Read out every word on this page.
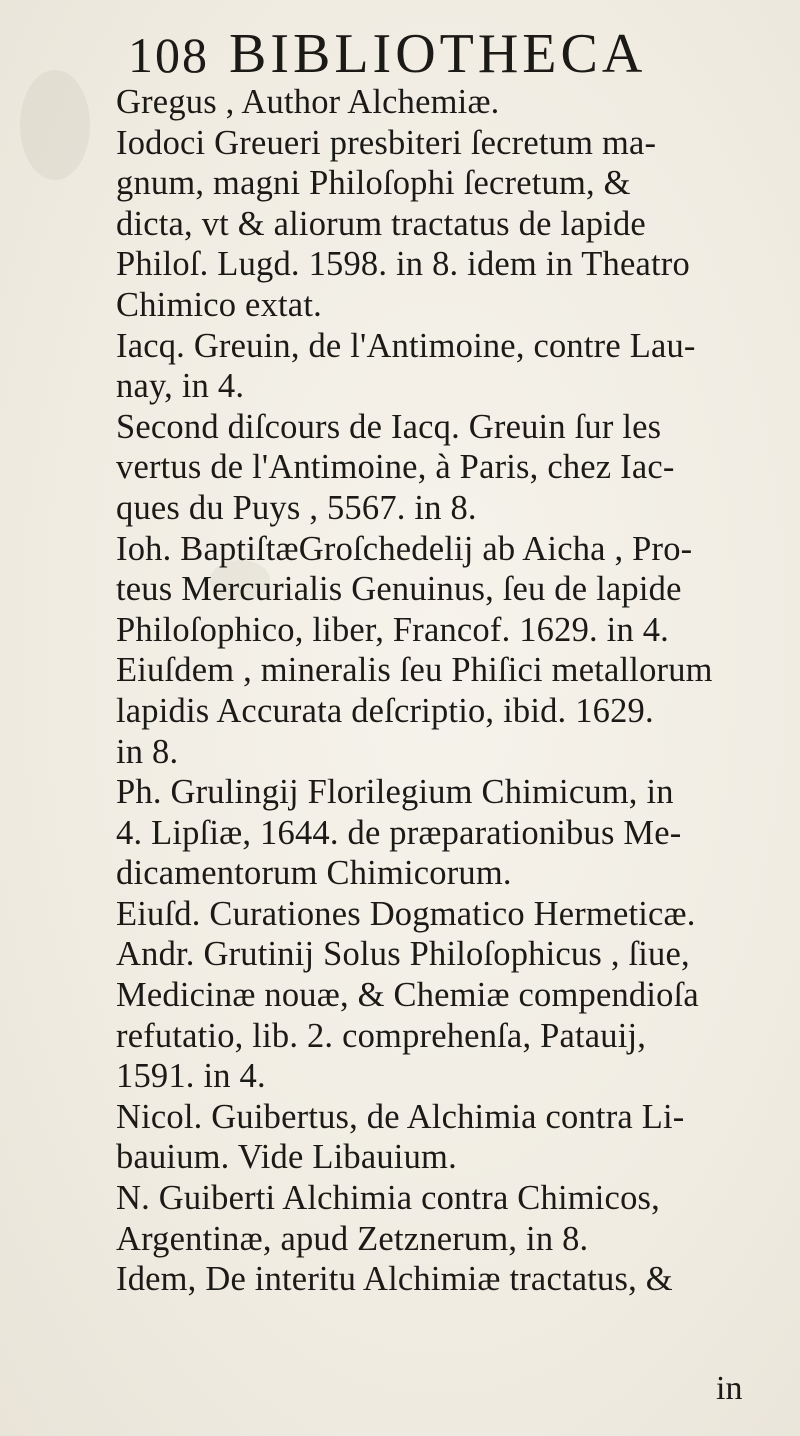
108 BIBLIOTHECA
Gregus , Author Alchemiæ.
Iodoci Greueri presbiteri ſecretum ma-
gnum, magni Philoſophi ſecretum, &
dicta, vt & aliorum tractatus de lapide
Philoſ. Lugd. 1598. in 8. idem in Theatro
Chimico extat.
Iacq. Greuin, de l'Antimoine, contre Lau-
nay, in 4.
Second diſcours de Iacq. Greuin ſur les
vertus de l'Antimoine, à Paris, chez Iac-
ques du Puys , 5567. in 8.
Ioh. BaptiſtæGroſchedelij ab Aicha , Pro-
teus Mercurialis Genuinus, ſeu de lapide
Philoſophico, liber, Francof. 1629. in 4.
Eiuſdem , mineralis ſeu Phiſici metallorum
lapidis Accurata deſcriptio, ibid. 1629.
in 8.
Ph. Grulingij Florilegium Chimicum, in
4. Lipſiæ, 1644. de præparationibus Me-
dicamentorum Chimicorum.
Eiuſd. Curationes Dogmatico Hermeticæ.
Andr. Grutinij Solus Philoſophicus , ſiue,
Medicinæ nouæ, & Chemiæ compendioſa
refutatio, lib. 2. comprehenſa, Patauij,
1591. in 4.
Nicol. Guibertus, de Alchimia contra Li-
bauium. Vide Libauium.
N. Guiberti Alchimia contra Chimicos,
Argentinæ, apud Zetznerum, in 8.
Idem, De interitu Alchimiæ tractatus, &
in
